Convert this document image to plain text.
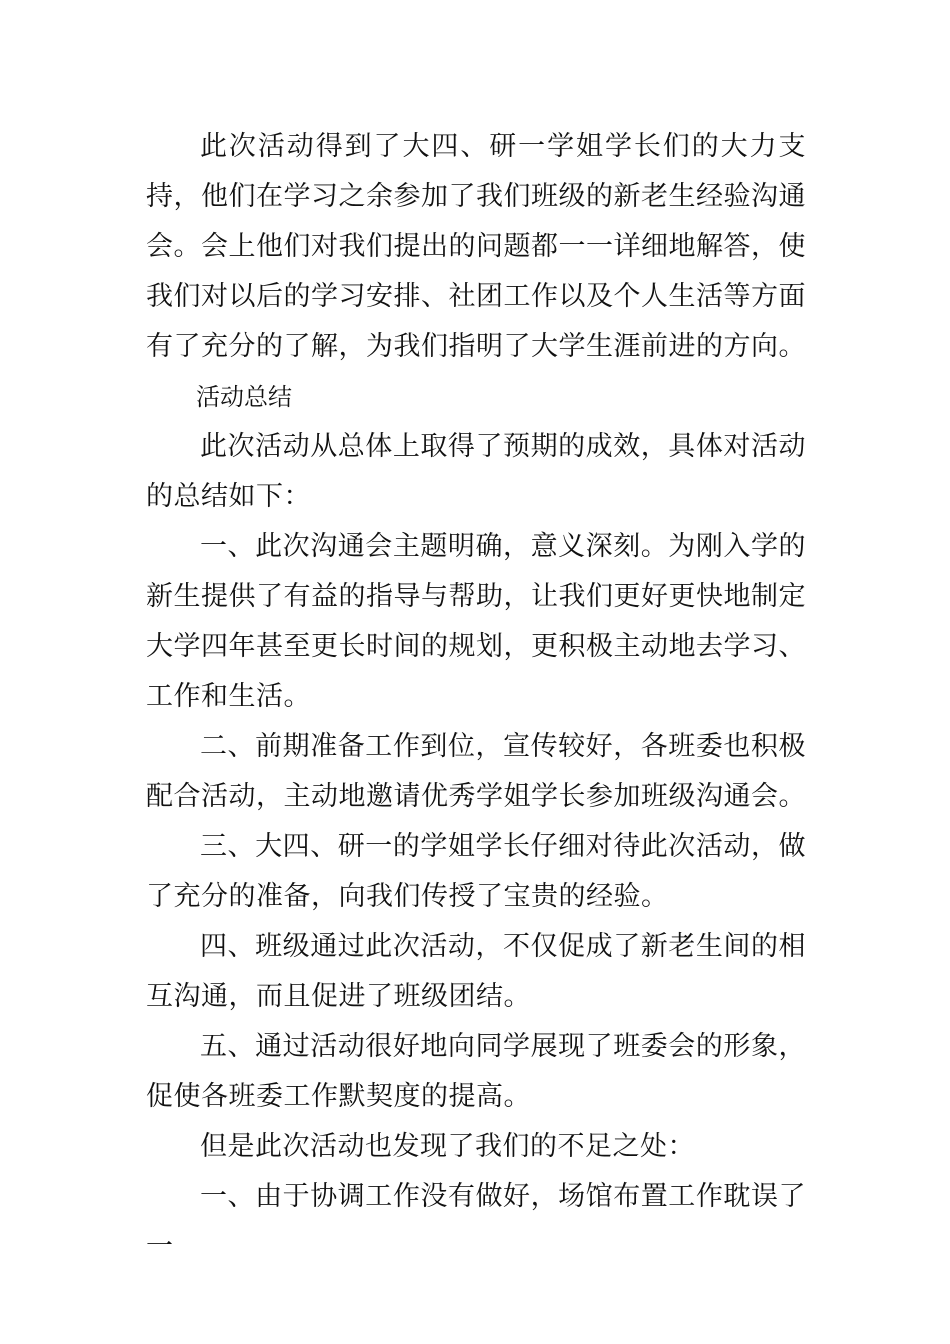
此次活动得到了大四、研一学姐学长们的大力支持，他们在学习之余参加了我们班级的新老生经验沟通会。会上他们对我们提出的问题都一一详细地解答，使我们对以后的学习安排、社团工作以及个人生活等方面有了充分的了解，为我们指明了大学生涯前进的方向。

活动总结

此次活动从总体上取得了预期的成效，具体对活动的总结如下：

一、此次沟通会主题明确，意义深刻。为刚入学的新生提供了有益的指导与帮助，让我们更好更快地制定大学四年甚至更长时间的规划，更积极主动地去学习、工作和生活。

二、前期准备工作到位，宣传较好，各班委也积极配合活动，主动地邀请优秀学姐学长参加班级沟通会。

三、大四、研一的学姐学长仔细对待此次活动，做了充分的准备，向我们传授了宝贵的经验。

四、班级通过此次活动，不仅促成了新老生间的相互沟通，而且促进了班级团结。

五、通过活动很好地向同学展现了班委会的形象，促使各班委工作默契度的提高。

但是此次活动也发现了我们的不足之处：

一、由于协调工作没有做好，场馆布置工作耽误了一
